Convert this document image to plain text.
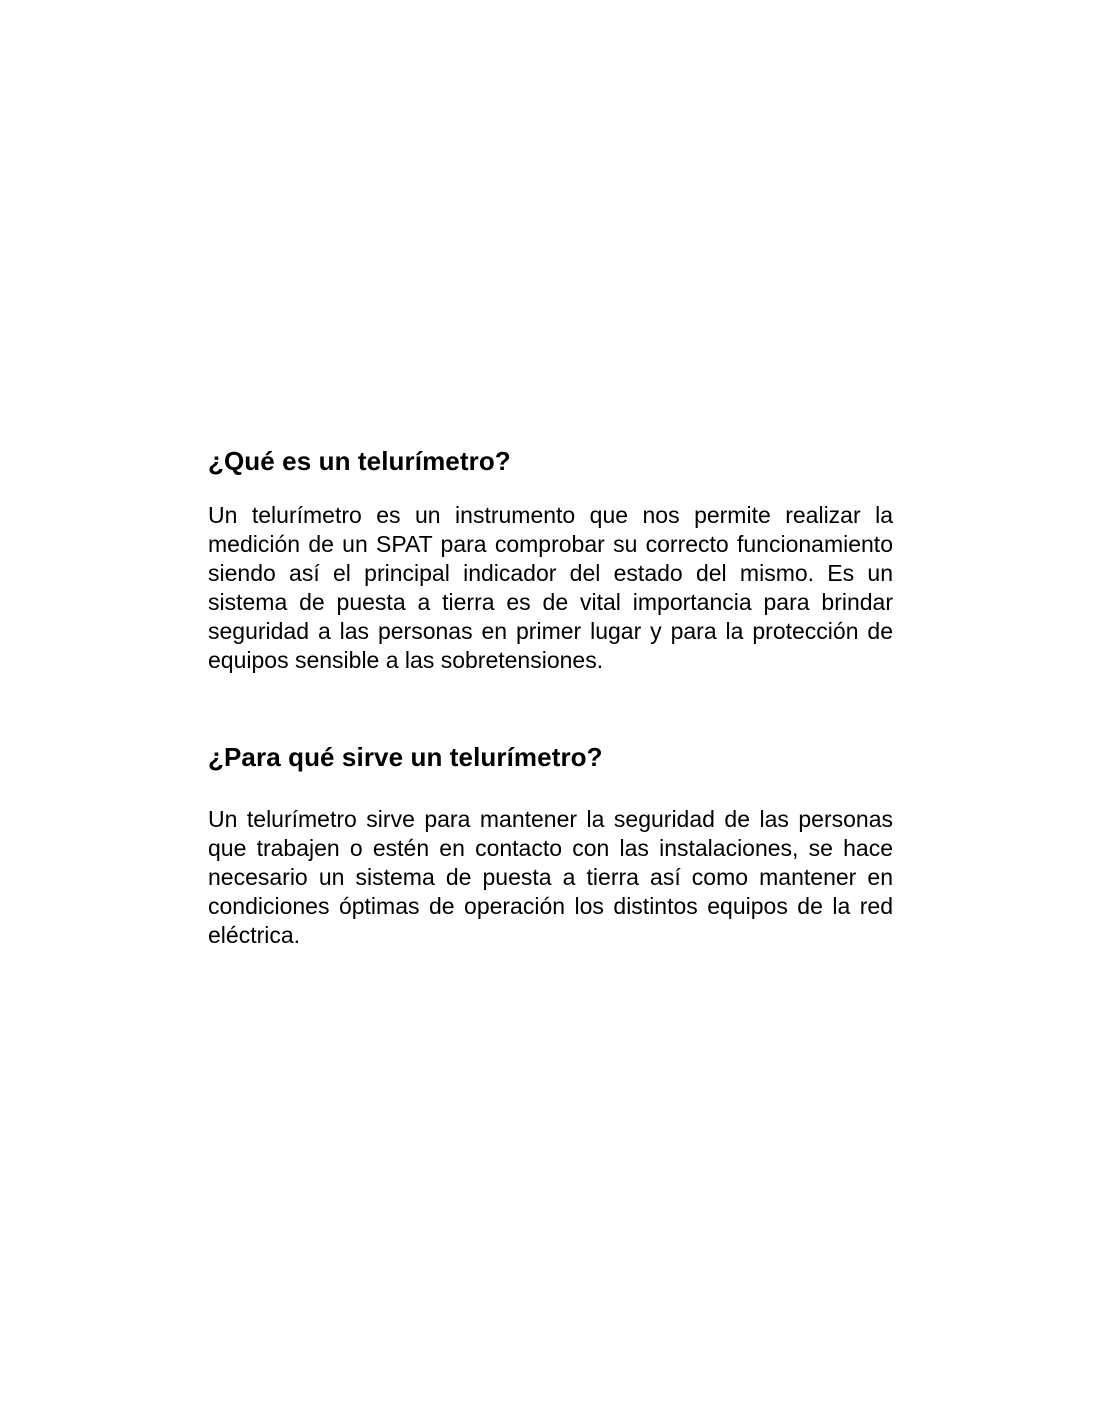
¿Qué es un telurímetro?

Un telurímetro es un instrumento que nos permite realizar la medición de un SPAT para comprobar su correcto funcionamiento siendo así el principal indicador del estado del mismo. Es un sistema de puesta a tierra es de vital importancia para brindar seguridad a las personas en primer lugar y para la protección de equipos sensible a las sobretensiones.

¿Para qué sirve un telurímetro?

Un telurímetro sirve para mantener la seguridad de las personas que trabajen o estén en contacto con las instalaciones, se hace necesario un sistema de puesta a tierra así como mantener en condiciones óptimas de operación los distintos equipos de la red eléctrica.
